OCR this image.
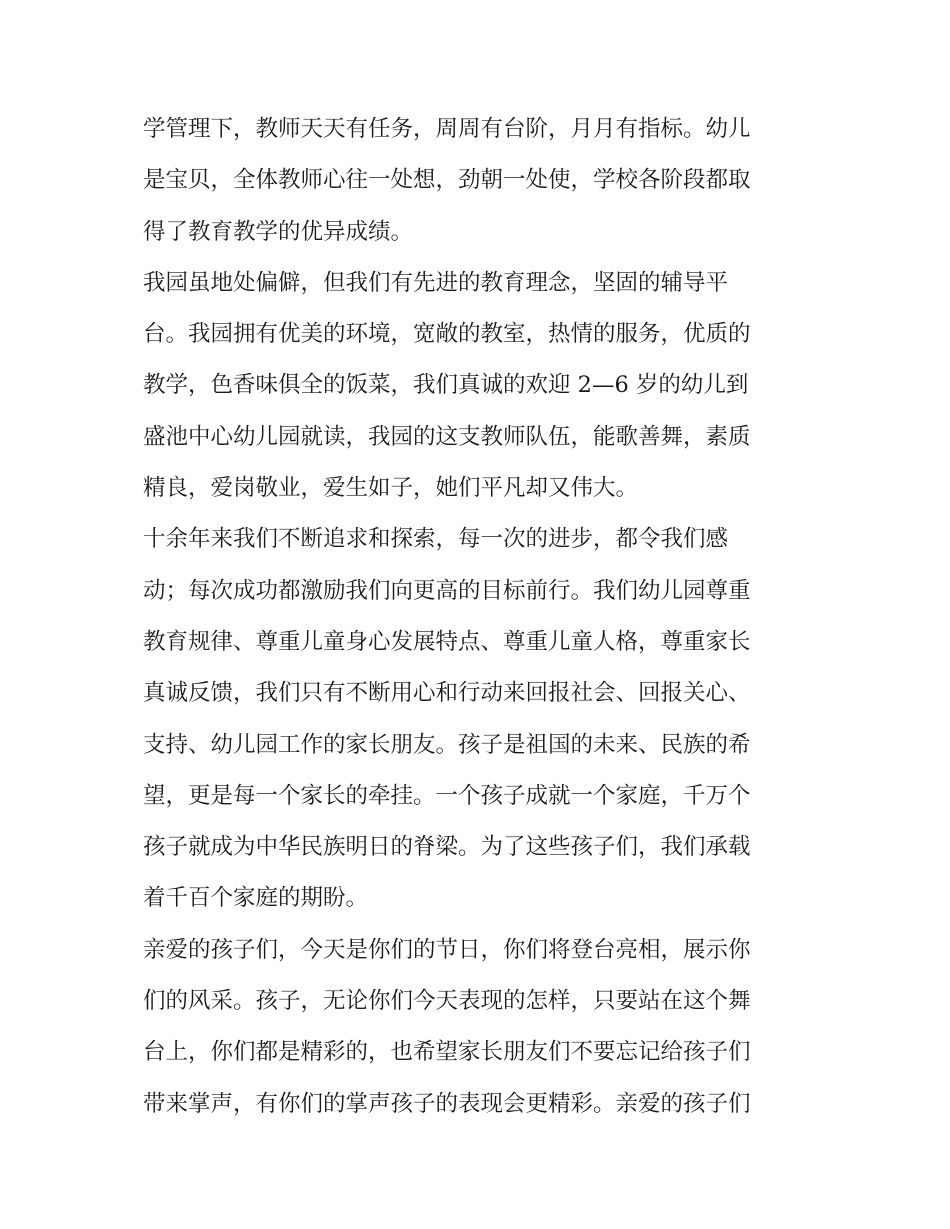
学管理下，教师天天有任务，周周有台阶，月月有指标。幼儿
是宝贝，全体教师心往一处想，劲朝一处使，学校各阶段都取
得了教育教学的优异成绩。

我园虽地处偏僻，但我们有先进的教育理念，坚固的辅导平
台。我园拥有优美的环境，宽敞的教室，热情的服务，优质的
教学，色香味俱全的饭菜，我们真诚的欢迎 2—6 岁的幼儿到
盛池中心幼儿园就读，我园的这支教师队伍，能歌善舞，素质
精良，爱岗敬业，爱生如子，她们平凡却又伟大。

十余年来我们不断追求和探索，每一次的进步，都令我们感
动；每次成功都激励我们向更高的目标前行。我们幼儿园尊重
教育规律、尊重儿童身心发展特点、尊重儿童人格，尊重家长
真诚反馈，我们只有不断用心和行动来回报社会、回报关心、
支持、幼儿园工作的家长朋友。孩子是祖国的未来、民族的希
望，更是每一个家长的牵挂。一个孩子成就一个家庭，千万个
孩子就成为中华民族明日的脊梁。为了这些孩子们，我们承载
着千百个家庭的期盼。

亲爱的孩子们，今天是你们的节日，你们将登台亮相，展示你
们的风采。孩子，无论你们今天表现的怎样，只要站在这个舞
台上，你们都是精彩的，也希望家长朋友们不要忘记给孩子们
带来掌声，有你们的掌声孩子的表现会更精彩。亲爱的孩子们
